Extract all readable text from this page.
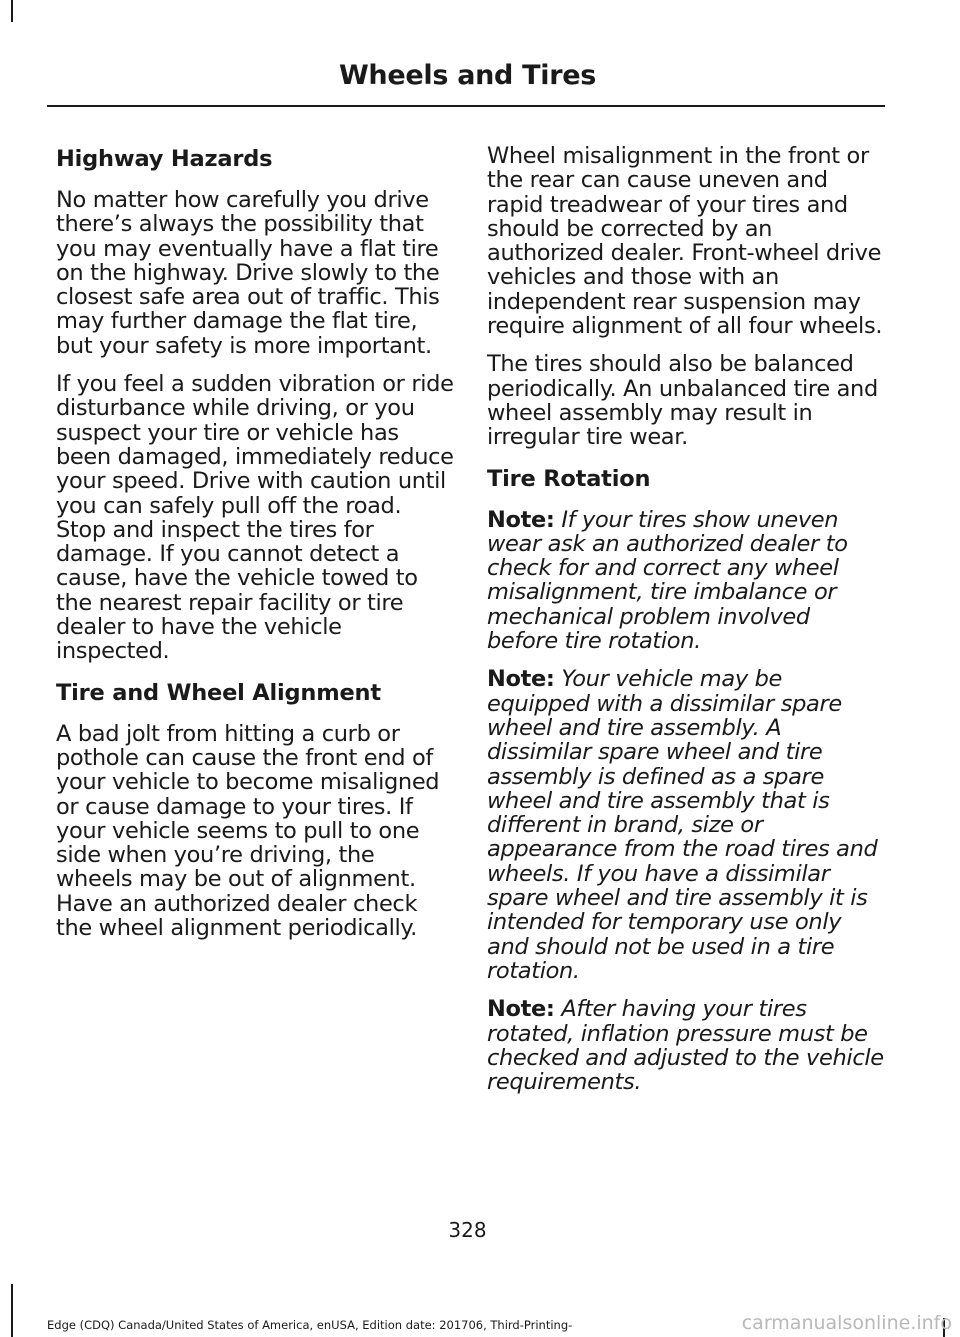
Wheels and Tires
Highway Hazards

No matter how carefully you drive there’s always the possibility that you may eventually have a flat tire on the highway. Drive slowly to the closest safe area out of traffic. This may further damage the flat tire, but your safety is more important.

If you feel a sudden vibration or ride disturbance while driving, or you suspect your tire or vehicle has been damaged, immediately reduce your speed. Drive with caution until you can safely pull off the road. Stop and inspect the tires for damage. If you cannot detect a cause, have the vehicle towed to the nearest repair facility or tire dealer to have the vehicle inspected.

Tire and Wheel Alignment

A bad jolt from hitting a curb or pothole can cause the front end of your vehicle to become misaligned or cause damage to your tires. If your vehicle seems to pull to one side when you’re driving, the wheels may be out of alignment. Have an authorized dealer check the wheel alignment periodically.

Wheel misalignment in the front or the rear can cause uneven and rapid treadwear of your tires and should be corrected by an authorized dealer. Front-wheel drive vehicles and those with an independent rear suspension may require alignment of all four wheels.

The tires should also be balanced periodically. An unbalanced tire and wheel assembly may result in irregular tire wear.

Tire Rotation

Note: If your tires show uneven wear ask an authorized dealer to check for and correct any wheel misalignment, tire imbalance or mechanical problem involved before tire rotation.

Note: Your vehicle may be equipped with a dissimilar spare wheel and tire assembly. A dissimilar spare wheel and tire assembly is defined as a spare wheel and tire assembly that is different in brand, size or appearance from the road tires and wheels. If you have a dissimilar spare wheel and tire assembly it is intended for temporary use only and should not be used in a tire rotation.

Note: After having your tires rotated, inflation pressure must be checked and adjusted to the vehicle requirements.

328
Edge (CDQ) Canada/United States of America, enUSA, Edition date: 201706, Third-Printing-	carmanualsonline.info
